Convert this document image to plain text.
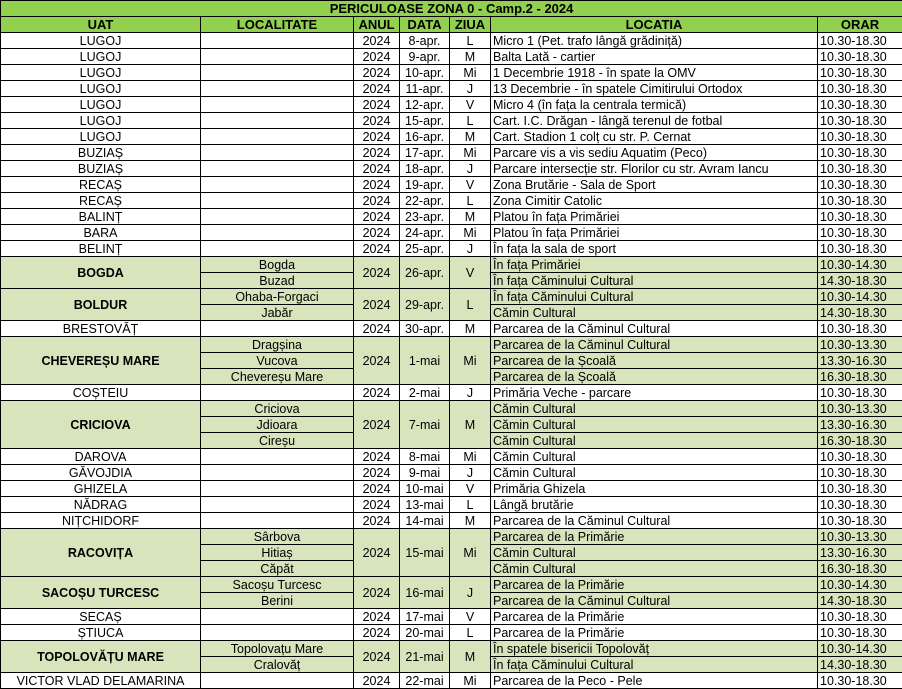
PERICULOASE ZONA 0 - Camp.2 - 2024						
UAT	LOCALITATE	ANUL	DATA	ZIUA	LOCATIA	ORAR
LUGOJ		2024	8-apr.	L	Micro 1 (Pet. trafo lângă grădiniță)	10.30-18.30
LUGOJ		2024	9-apr.	M	Balta Lată - cartier	10.30-18.30
LUGOJ		2024	10-apr.	Mi	1 Decembrie 1918 - în spate la OMV	10.30-18.30
LUGOJ		2024	11-apr.	J	13 Decembrie - în spatele Cimitirului Ortodox	10.30-18.30
LUGOJ		2024	12-apr.	V	Micro 4 (în fața la centrala termică)	10.30-18.30
LUGOJ		2024	15-apr.	L	Cart. I.C. Drăgan - lângă terenul de fotbal	10.30-18.30
LUGOJ		2024	16-apr.	M	Cart. Stadion 1 colț cu str. P. Cernat	10.30-18.30
BUZIAȘ		2024	17-apr.	Mi	Parcare vis a vis sediu Aquatim (Peco)	10.30-18.30
BUZIAȘ		2024	18-apr.	J	Parcare intersecție str. Florilor cu str. Avram Iancu	10.30-18.30
RECAȘ		2024	19-apr.	V	Zona Brutărie - Sala de Sport	10.30-18.30
RECAȘ		2024	22-apr.	L	Zona Cimitir Catolic	10.30-18.30
BALINȚ		2024	23-apr.	M	Platou în fața Primăriei	10.30-18.30
BARA		2024	24-apr.	Mi	Platou în fața Primăriei	10.30-18.30
BELINȚ		2024	25-apr.	J	În fața la sala de sport	10.30-18.30
BOGDA	Bogda	2024	26-apr.	V	În fața Primăriei	10.30-14.30
	Buzad				În fața Căminului Cultural	14.30-18.30
BOLDUR	Ohaba-Forgaci	2024	29-apr.	L	În fața Căminului Cultural	10.30-14.30
	Jabăr				Cămin Cultural	14.30-18.30
BRESTOVĂȚ		2024	30-apr.	M	Parcarea de la Căminul Cultural	10.30-18.30
CHEVEREȘU MARE	Dragșina	2024	1-mai	Mi	Parcarea de la Căminul Cultural	10.30-13.30
	Vucova				Parcarea de la Școală	13.30-16.30
	Chevereșu Mare				Parcarea de la Școală	16.30-18.30
COȘTEIU		2024	2-mai	J	Primăria Veche - parcare	10.30-18.30
CRICIOVA	Criciova	2024	7-mai	M	Cămin Cultural	10.30-13.30
	Jdioara				Cămin Cultural	13.30-16.30
	Cireșu				Cămin Cultural	16.30-18.30
DAROVA		2024	8-mai	Mi	Cămin Cultural	10.30-18.30
GĂVOJDIA		2024	9-mai	J	Cămin Cultural	10.30-18.30
GHIZELA		2024	10-mai	V	Primăria Ghizela	10.30-18.30
NĂDRAG		2024	13-mai	L	Lângă brutărie	10.30-18.30
NIȚCHIDORF		2024	14-mai	M	Parcarea de la Căminul Cultural	10.30-18.30
RACOVIȚA	Sârbova	2024	15-mai	Mi	Parcarea de la Primărie	10.30-13.30
	Hitiaș				Cămin Cultural	13.30-16.30
	Căpăt				Cămin Cultural	16.30-18.30
SACOȘU TURCESC	Sacoșu Turcesc	2024	16-mai	J	Parcarea de la Primărie	10.30-14.30
	Berini				Parcarea de la Căminul Cultural	14.30-18.30
SECAȘ		2024	17-mai	V	Parcarea de la Primărie	10.30-18.30
ȘTIUCA		2024	20-mai	L	Parcarea de la Primărie	10.30-18.30
TOPOLOVĂȚU MARE	Topolovațu Mare	2024	21-mai	M	În spatele bisericii Topolovăț	10.30-14.30
	Cralovăț				În fața Căminului Cultural	14.30-18.30
VICTOR VLAD DELAMARINA		2024	22-mai	Mi	Parcarea de la Peco - Pele	10.30-18.30
